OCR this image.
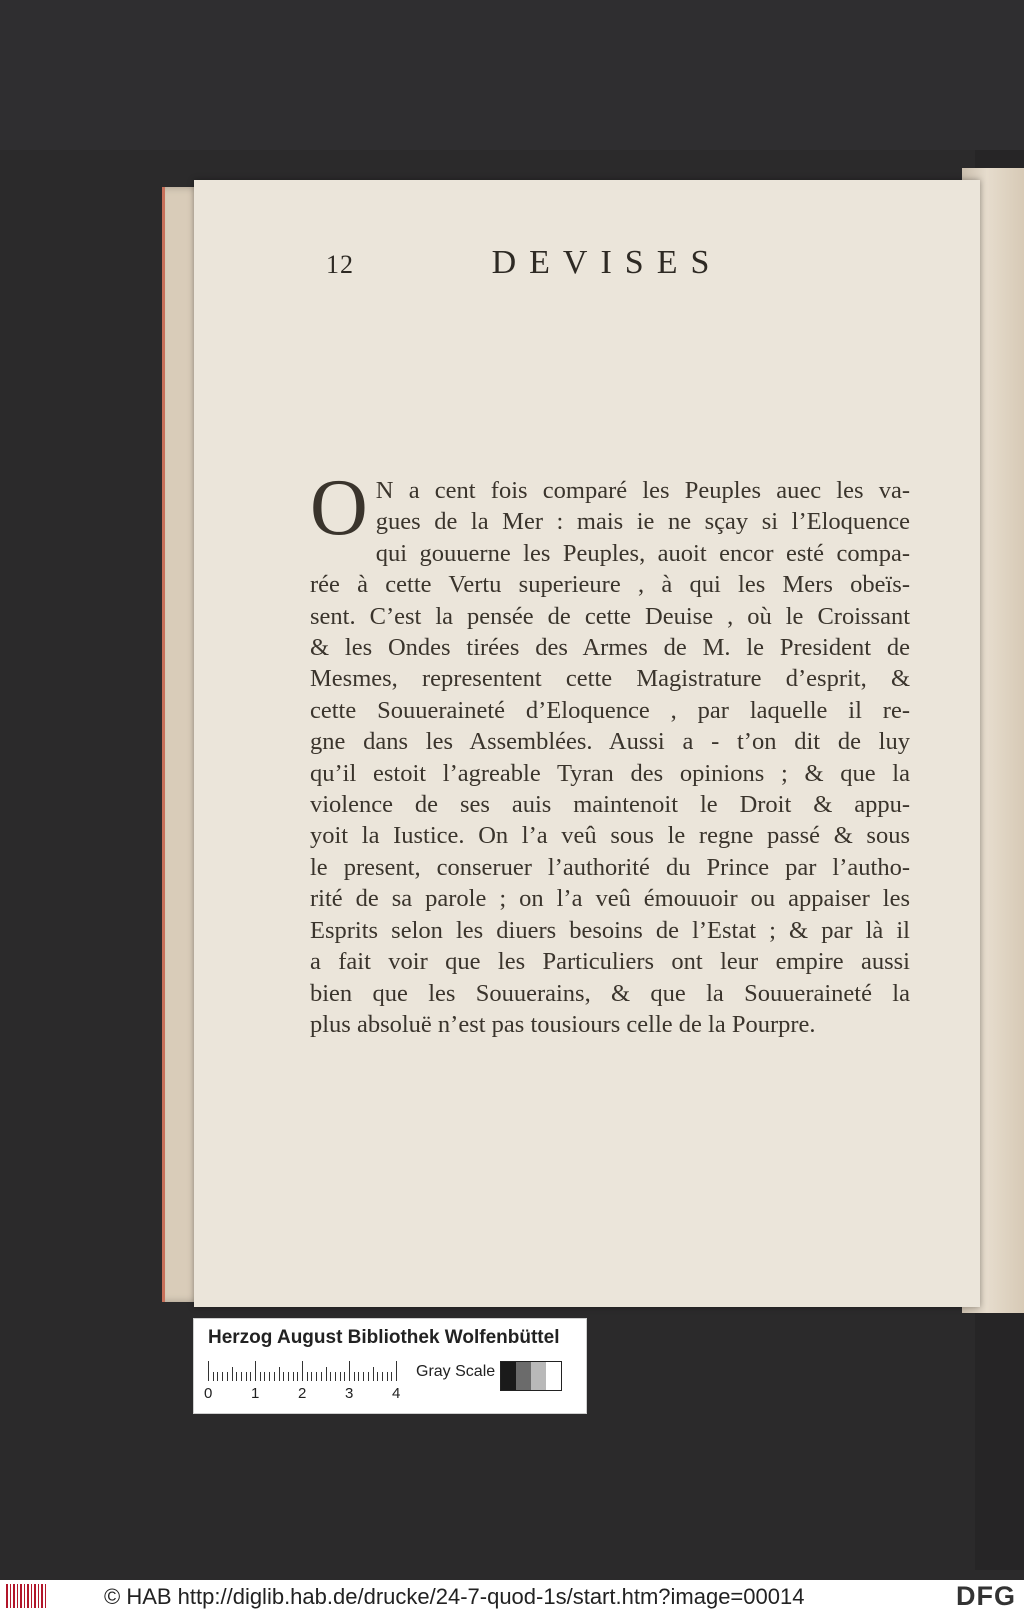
12	DEVISES
O N a cent fois comparé les Peuples auec les va-
gues de la Mer : mais ie ne sçay si l’Eloquence
qui gouuerne les Peuples, auoit encor esté compa-
rée à cette Vertu superieure , à qui les Mers obeïs-
sent. C’est la pensée de cette Deuise , où le Croissant
& les Ondes tirées des Armes de M. le President de
Mesmes, representent cette Magistrature d’esprit, &
cette Souueraineté d’Eloquence , par laquelle il re-
gne dans les Assemblées. Aussi a - t’on dit de luy
qu’il estoit l’agreable Tyran des opinions ; & que la
violence de ses auis maintenoit le Droit & appu-
yoit la Iustice. On l’a veû sous le regne passé & sous
le present, conseruer l’authorité du Prince par l’autho-
rité de sa parole ; on l’a veû émouuoir ou appaiser les
Esprits selon les diuers besoins de l’Estat ; & par là il
a fait voir que les Particuliers ont leur empire aussi
bien que les Souuerains, & que la Souueraineté la
plus absoluë n’est pas tousiours celle de la Pourpre.
Herzog August Bibliothek Wolfenbüttel
0	1	2	3	4
Gray Scale
© HAB http://diglib.hab.de/drucke/24-7-quod-1s/start.htm?image=00014	DFG
